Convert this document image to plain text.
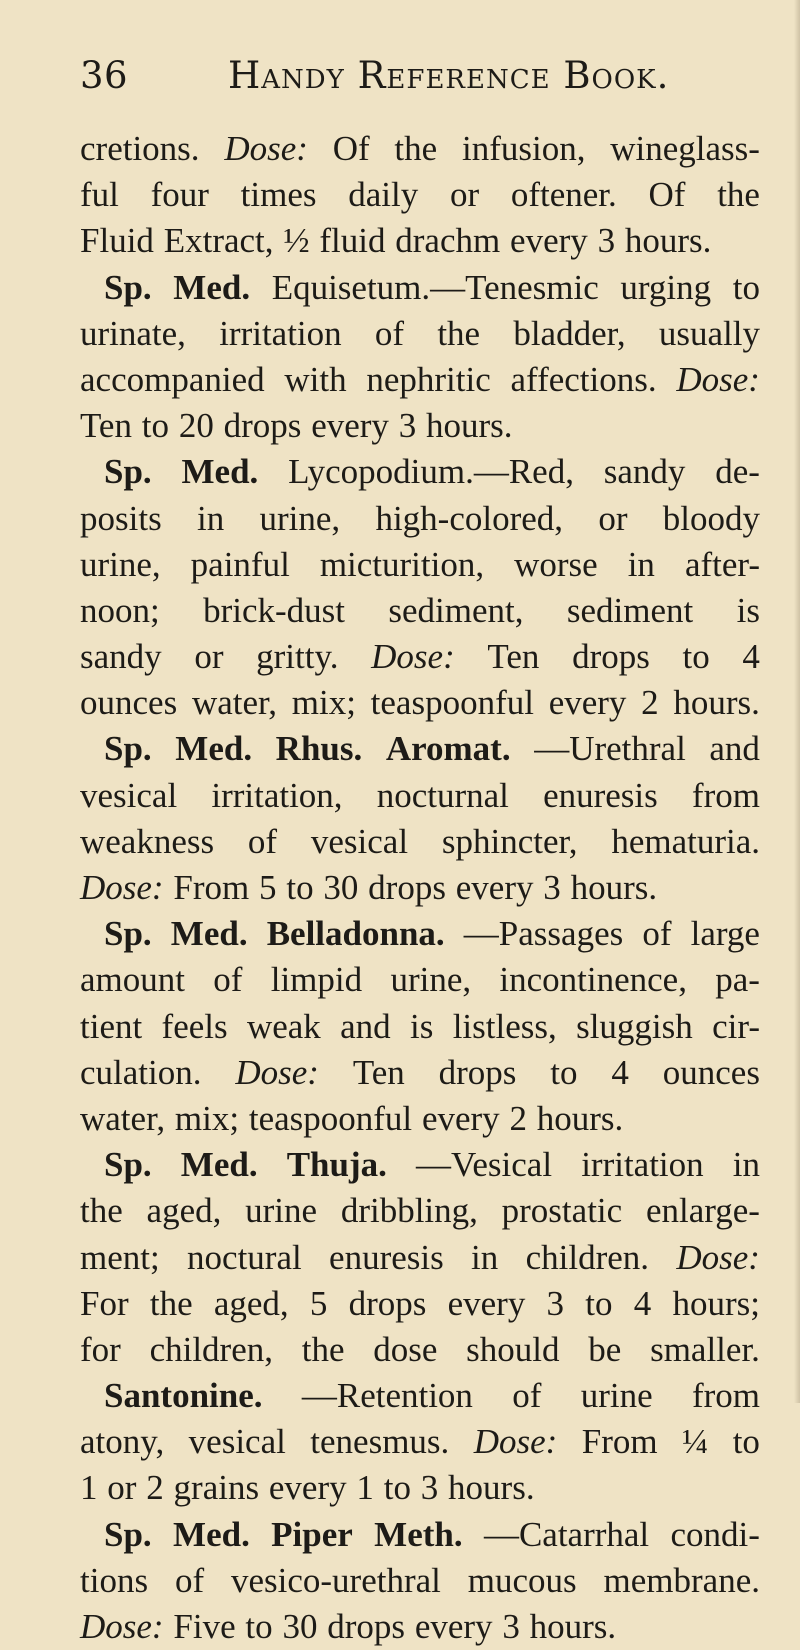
36	Handy Reference Book.
cretions. Dose: Of the infusion, wineglass-
ful four times daily or oftener. Of the
Fluid Extract, ½ fluid drachm every 3 hours.
Sp. Med. Equisetum.—Tenesmic urging to
urinate, irritation of the bladder, usually
accompanied with nephritic affections. Dose:
Ten to 20 drops every 3 hours.
Sp. Med. Lycopodium.—Red, sandy de-
posits in urine, high-colored, or bloody
urine, painful micturition, worse in after-
noon; brick-dust sediment, sediment is
sandy or gritty. Dose: Ten drops to 4
ounces water, mix; teaspoonful every 2 hours.
Sp. Med. Rhus. Aromat. —Urethral and
vesical irritation, nocturnal enuresis from
weakness of vesical sphincter, hematuria.
Dose: From 5 to 30 drops every 3 hours.
Sp. Med. Belladonna. —Passages of large
amount of limpid urine, incontinence, pa-
tient feels weak and is listless, sluggish cir-
culation. Dose: Ten drops to 4 ounces
water, mix; teaspoonful every 2 hours.
Sp. Med. Thuja. —Vesical irritation in
the aged, urine dribbling, prostatic enlarge-
ment; noctural enuresis in children. Dose:
For the aged, 5 drops every 3 to 4 hours;
for children, the dose should be smaller.
Santonine. —Retention of urine from
atony, vesical tenesmus. Dose: From ¼ to
1 or 2 grains every 1 to 3 hours.
Sp. Med. Piper Meth. —Catarrhal condi-
tions of vesico-urethral mucous membrane.
Dose: Five to 30 drops every 3 hours.
